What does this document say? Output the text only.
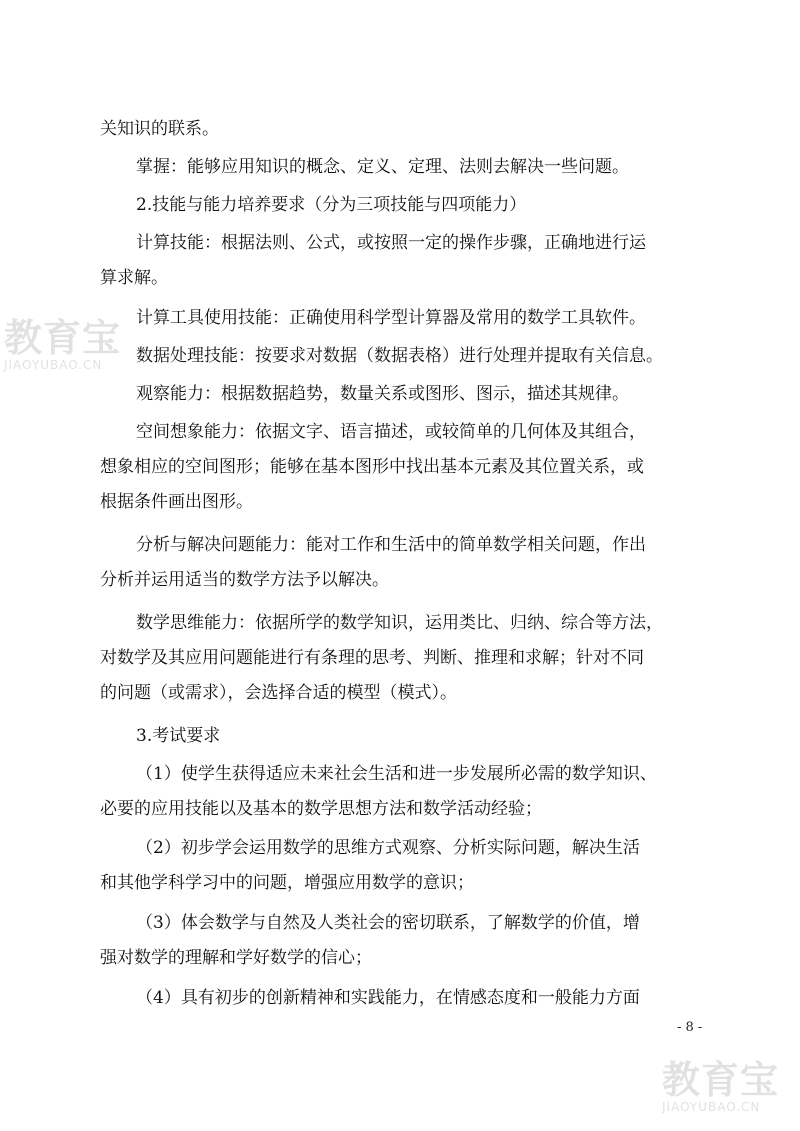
关知识的联系。

掌握：能够应用知识的概念、定义、定理、法则去解决一些问题。

2.技能与能力培养要求（分为三项技能与四项能力）

计算技能：根据法则、公式，或按照一定的操作步骤，正确地进行运

算求解。

计算工具使用技能：正确使用科学型计算器及常用的数学工具软件。

数据处理技能：按要求对数据（数据表格）进行处理并提取有关信息。

观察能力：根据数据趋势，数量关系或图形、图示，描述其规律。

空间想象能力：依据文字、语言描述，或较简单的几何体及其组合，

想象相应的空间图形；能够在基本图形中找出基本元素及其位置关系，或

根据条件画出图形。

分析与解决问题能力：能对工作和生活中的简单数学相关问题，作出

分析并运用适当的数学方法予以解决。

数学思维能力：依据所学的数学知识，运用类比、归纳、综合等方法，

对数学及其应用问题能进行有条理的思考、判断、推理和求解；针对不同

的问题（或需求），会选择合适的模型（模式）。

3.考试要求

（1）使学生获得适应未来社会生活和进一步发展所必需的数学知识、

必要的应用技能以及基本的数学思想方法和数学活动经验；

（2）初步学会运用数学的思维方式观察、分析实际问题，解决生活

和其他学科学习中的问题，增强应用数学的意识；

（3）体会数学与自然及人类社会的密切联系，了解数学的价值，增

强对数学的理解和学好数学的信心；

（4）具有初步的创新精神和实践能力，在情感态度和一般能力方面

- 8 -
教育宝
JIAOYUBAO.CN
教育宝
JIAOYUBAO.CN
